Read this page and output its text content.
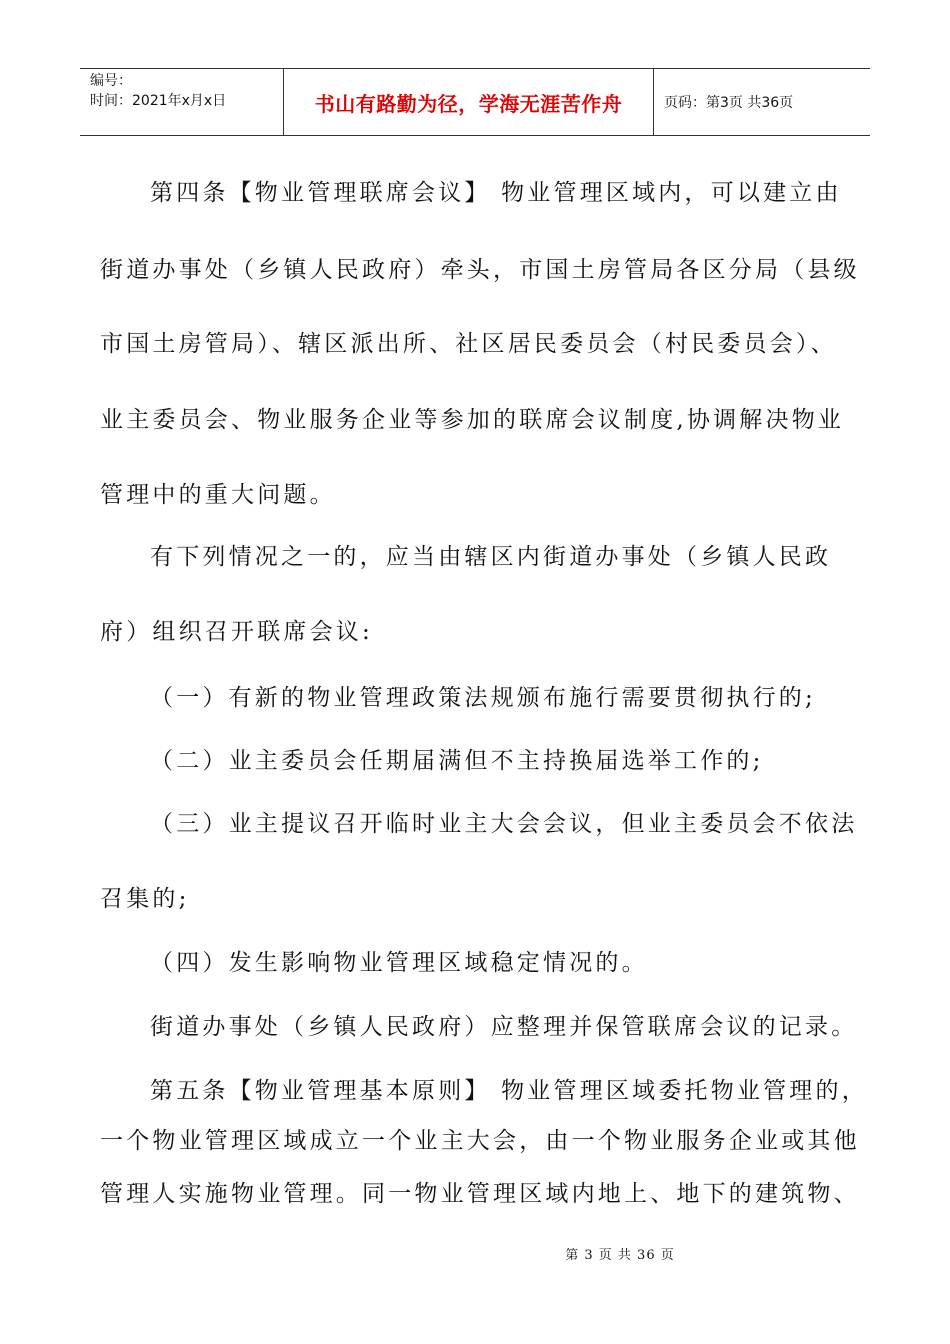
编号：
时间：2021年x月x日	书山有路勤为径，学海无涯苦作舟	页码：第3页 共36页
第四条【物业管理联席会议】 物业管理区域内，可以建立由
街道办事处（乡镇人民政府）牵头，市国土房管局各区分局（县级
市国土房管局）、辖区派出所、社区居民委员会（村民委员会）、
业主委员会、物业服务企业等参加的联席会议制度,协调解决物业
管理中的重大问题。
有下列情况之一的，应当由辖区内街道办事处（乡镇人民政
府）组织召开联席会议:
（一）有新的物业管理政策法规颁布施行需要贯彻执行的;
（二）业主委员会任期届满但不主持换届选举工作的;
（三）业主提议召开临时业主大会会议，但业主委员会不依法
召集的;
（四）发生影响物业管理区域稳定情况的。
街道办事处（乡镇人民政府）应整理并保管联席会议的记录。
第五条【物业管理基本原则】 物业管理区域委托物业管理的，
一个物业管理区域成立一个业主大会，由一个物业服务企业或其他
管理人实施物业管理。同一物业管理区域内地上、地下的建筑物、
第 3 页 共 36 页
